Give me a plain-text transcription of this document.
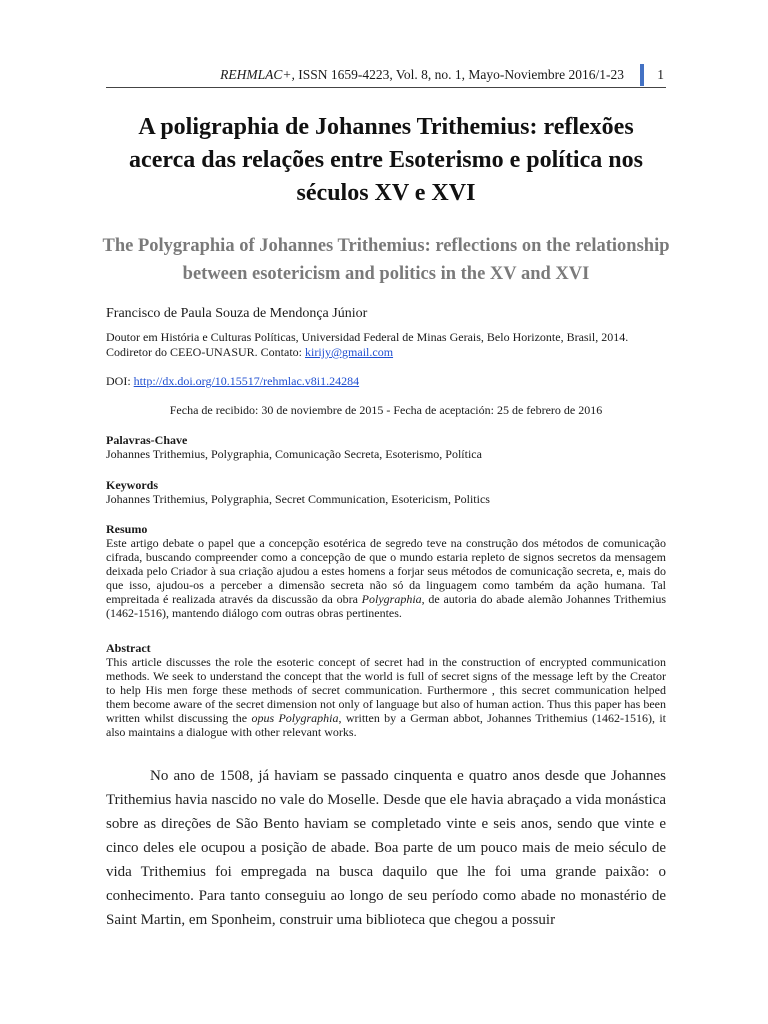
REHMLAC+, ISSN 1659-4223, Vol. 8, no. 1, Mayo-Noviembre 2016/1-23 1
A poligraphia de Johannes Trithemius: reflexões acerca das relações entre Esoterismo e política nos séculos XV e XVI
The Polygraphia of Johannes Trithemius: reflections on the relationship between esotericism and politics in the XV and XVI
Francisco de Paula Souza de Mendonça Júnior
Doutor em História e Culturas Políticas, Universidad Federal de Minas Gerais, Belo Horizonte, Brasil, 2014.
Codiretor do CEEO-UNASUR. Contato: kirijy@gmail.com
DOI: http://dx.doi.org/10.15517/rehmlac.v8i1.24284
Fecha de recibido: 30 de noviembre de 2015 - Fecha de aceptación: 25 de febrero de 2016

Palavras-Chave

Johannes Trithemius, Polygraphia, Comunicação Secreta, Esoterismo, Política

Keywords

Johannes Trithemius, Polygraphia, Secret Communication, Esotericism, Politics

Resumo

Este artigo debate o papel que a concepção esotérica de segredo teve na construção dos métodos de comunicação cifrada, buscando compreender como a concepção de que o mundo estaria repleto de signos secretos da mensagem deixada pelo Criador à sua criação ajudou a estes homens a forjar seus métodos de comunicação secreta, e, mais do que isso, ajudou-os a perceber a dimensão secreta não só da linguagem como também da ação humana. Tal empreitada é realizada através da discussão da obra Polygraphia, de autoria do abade alemão Johannes Trithemius (1462-1516), mantendo diálogo com outras obras pertinentes.

Abstract

This article discusses the role the esoteric concept of secret had in the construction of encrypted communication methods. We seek to understand the concept that the world is full of secret signs of the message left by the Creator to help His men forge these methods of secret communication. Furthermore , this secret communication helped them become aware of the secret dimension not only of language but also of human action. Thus this paper has been written whilst discussing the opus Polygraphia, written by a German abbot, Johannes Trithemius (1462-1516), it also maintains a dialogue with other relevant works.

No ano de 1508, já haviam se passado cinquenta e quatro anos desde que Johannes Trithemius havia nascido no vale do Moselle. Desde que ele havia abraçado a vida monástica sobre as direções de São Bento haviam se completado vinte e seis anos, sendo que vinte e cinco deles ele ocupou a posição de abade. Boa parte de um pouco mais de meio século de vida Trithemius foi empregada na busca daquilo que lhe foi uma grande paixão: o conhecimento. Para tanto conseguiu ao longo de seu período como abade no monastério de Saint Martin, em Sponheim, construir uma biblioteca que chegou a possuir
